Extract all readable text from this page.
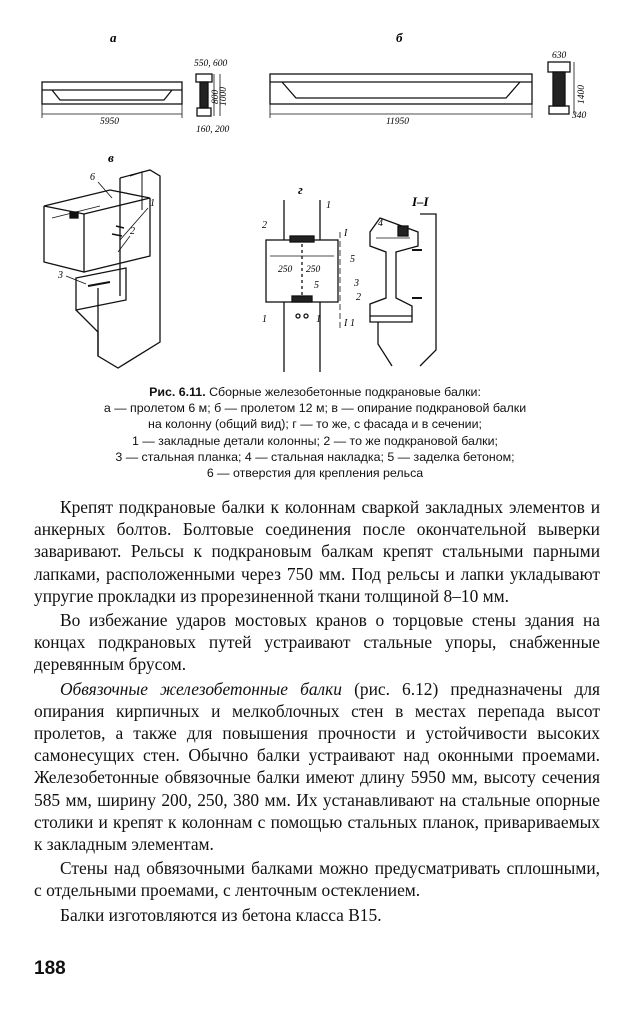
а	б
в
г
I–I
5950
550, 600
160, 200
800
1000
11950
630
340
1400
250 250
6
1
2
3
2
1
5
1	1
I
I
4
5
3
2
1
Рис. 6.11. Сборные железобетонные подкрановые балки:
а — пролетом 6 м; б — пролетом 12 м; в — опирание подкрановой балки
на колонну (общий вид); г — то же, с фасада и в сечении;
1 — закладные детали колонны; 2 — то же подкрановой балки;
3 — стальная планка; 4 — стальная накладка; 5 — заделка бетоном;
6 — отверстия для крепления рельса

Крепят подкрановые балки к колоннам сваркой закладных элементов и анкерных болтов. Болтовые соединения после окончательной выверки заваривают. Рельсы к подкрановым балкам крепят стальными парными лапками, расположенными через 750 мм. Под рельсы и лапки укладывают упругие прокладки из прорезиненной ткани толщиной 8–10 мм.

Во избежание ударов мостовых кранов о торцовые стены здания на концах подкрановых путей устраивают стальные упоры, снабженные деревянным брусом.

Обвязочные железобетонные балки (рис. 6.12) предназначены для опирания кирпичных и мелкоблочных стен в местах перепада высот пролетов, а также для повышения прочности и устойчивости высоких самонесущих стен. Обычно балки устраивают над оконными проемами. Железобетонные обвязочные балки имеют длину 5950 мм, высоту сечения 585 мм, ширину 200, 250, 380 мм. Их устанавливают на стальные опорные столики и крепят к колоннам с помощью стальных планок, привариваемых к закладным элементам.

Стены над обвязочными балками можно предусматривать сплошными, с отдельными проемами, с ленточным остеклением.

Балки изготовляются из бетона класса В15.

188
